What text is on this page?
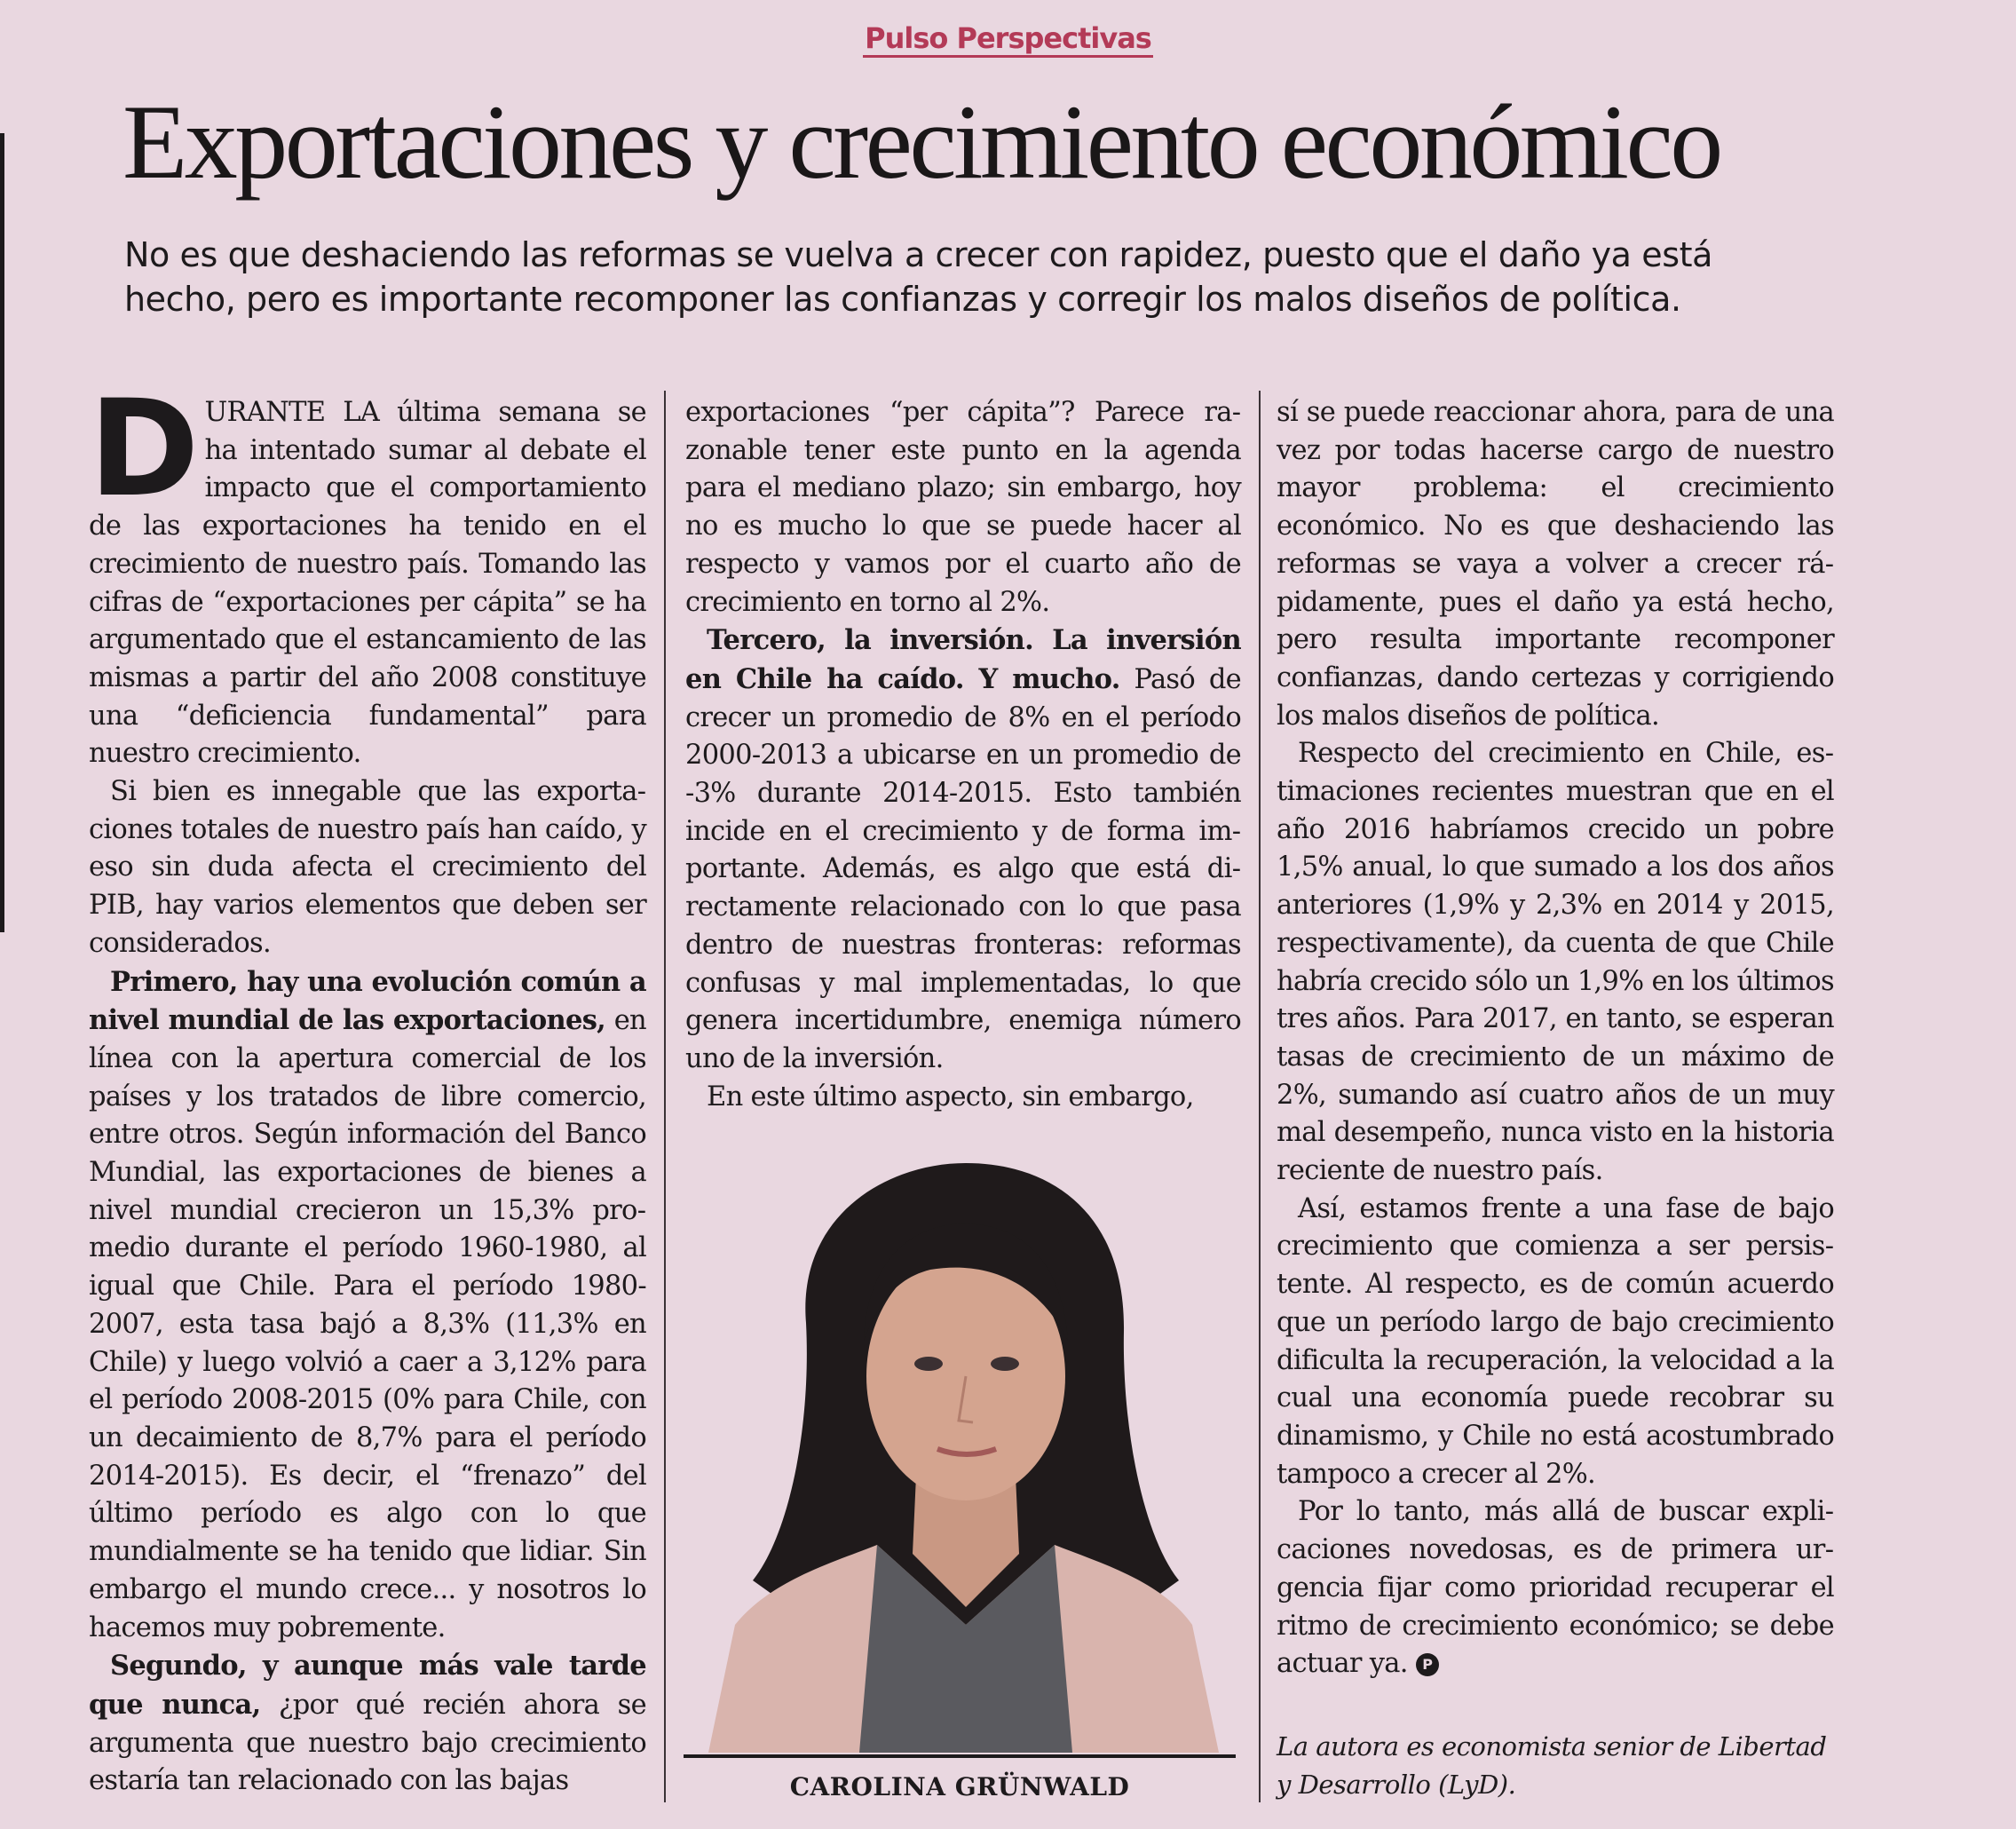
Pulso Perspectivas
Exportaciones y crecimiento económico

No es que deshaciendo las reformas se vuelva a crecer con rapidez, puesto que el daño ya está hecho, pero es importante recomponer las confianzas y corregir los malos diseños de política.

DURANTE LA última semana se ha intentado sumar al debate el impacto que el comportamiento de las exportaciones ha tenido en el crecimiento de nuestro país. Tomando las cifras de “exportaciones per cápita” se ha argumentado que el estancamiento de las mismas a partir del año 2008 constituye una “deficiencia fundamental” para nuestro crecimiento.

Si bien es innegable que las exportaciones totales de nuestro país han caído, y eso sin duda afecta el crecimiento del PIB, hay varios elementos que deben ser considerados.

Primero, hay una evolución común a nivel mundial de las exportaciones, en línea con la apertura comercial de los países y los tratados de libre comercio, entre otros. Según información del Banco Mundial, las exportaciones de bienes a nivel mundial crecieron un 15,3% promedio durante el período 1960-1980, al igual que Chile. Para el período 1980-2007, esta tasa bajó a 8,3% (11,3% en Chile) y luego volvió a caer a 3,12% para el período 2008-2015 (0% para Chile, con un decaimiento de 8,7% para el período 2014-2015). Es decir, el “frenazo” del último período es algo con lo que mundialmente se ha tenido que lidiar. Sin embargo el mundo crece... y nosotros lo hacemos muy pobremente.

Segundo, y aunque más vale tarde que nunca, ¿por qué recién ahora se argumenta que nuestro bajo crecimiento estaría tan relacionado con las bajas

exportaciones “per cápita”? Parece razonable tener este punto en la agenda para el mediano plazo; sin embargo, hoy no es mucho lo que se puede hacer al respecto y vamos por el cuarto año de crecimiento en torno al 2%.

Tercero, la inversión. La inversión en Chile ha caído. Y mucho. Pasó de crecer un promedio de 8% en el período 2000-2013 a ubicarse en un promedio de -3% durante 2014-2015. Esto también incide en el crecimiento y de forma importante. Además, es algo que está directamente relacionado con lo que pasa dentro de nuestras fronteras: reformas confusas y mal implementadas, lo que genera incertidumbre, enemiga número uno de la inversión.

En este último aspecto, sin embargo,

CAROLINA GRÜNWALD

sí se puede reaccionar ahora, para de una vez por todas hacerse cargo de nuestro mayor problema: el crecimiento económico. No es que deshaciendo las reformas se vaya a volver a crecer rápidamente, pues el daño ya está hecho, pero resulta importante recomponer confianzas, dando certezas y corrigiendo los malos diseños de política.

Respecto del crecimiento en Chile, estimaciones recientes muestran que en el año 2016 habríamos crecido un pobre 1,5% anual, lo que sumado a los dos años anteriores (1,9% y 2,3% en 2014 y 2015, respectivamente), da cuenta de que Chile habría crecido sólo un 1,9% en los últimos tres años. Para 2017, en tanto, se esperan tasas de crecimiento de un máximo de 2%, sumando así cuatro años de un muy mal desempeño, nunca visto en la historia reciente de nuestro país.

Así, estamos frente a una fase de bajo crecimiento que comienza a ser persistente. Al respecto, es de común acuerdo que un período largo de bajo crecimiento dificulta la recuperación, la velocidad a la cual una economía puede recobrar su dinamismo, y Chile no está acostumbrado tampoco a crecer al 2%.

Por lo tanto, más allá de buscar explicaciones novedosas, es de primera urgencia fijar como prioridad recuperar el ritmo de crecimiento económico; se debe actuar ya. P

La autora es economista senior de Libertad y Desarrollo (LyD).
